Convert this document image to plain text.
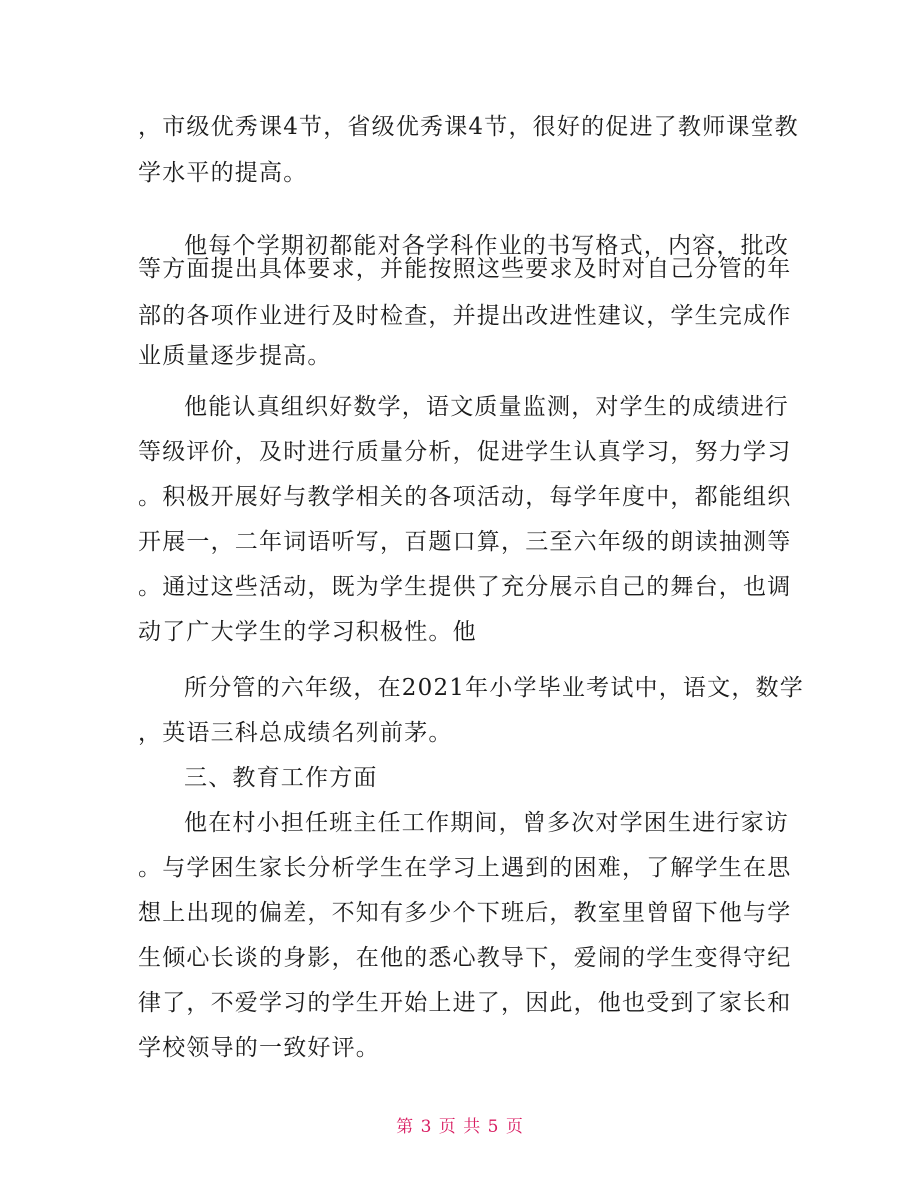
，市级优秀课4节，省级优秀课4节，很好的促进了教师课堂教
学水平的提高。
他每个学期初都能对各学科作业的书写格式，内容，批改
等方面提出具体要求，并能按照这些要求及时对自己分管的年
部的各项作业进行及时检查，并提出改进性建议，学生完成作
业质量逐步提高。
他能认真组织好数学，语文质量监测，对学生的成绩进行
等级评价，及时进行质量分析，促进学生认真学习，努力学习
。积极开展好与教学相关的各项活动，每学年度中，都能组织
开展一，二年词语听写，百题口算，三至六年级的朗读抽测等
。通过这些活动，既为学生提供了充分展示自己的舞台，也调
动了广大学生的学习积极性。他
所分管的六年级，在2021年小学毕业考试中，语文，数学
，英语三科总成绩名列前茅。
三、教育工作方面
他在村小担任班主任工作期间，曾多次对学困生进行家访
。与学困生家长分析学生在学习上遇到的困难，了解学生在思
想上出现的偏差，不知有多少个下班后，教室里曾留下他与学
生倾心长谈的身影，在他的悉心教导下，爱闹的学生变得守纪
律了，不爱学习的学生开始上进了，因此，他也受到了家长和
学校领导的一致好评。
第 3 页 共 5 页
